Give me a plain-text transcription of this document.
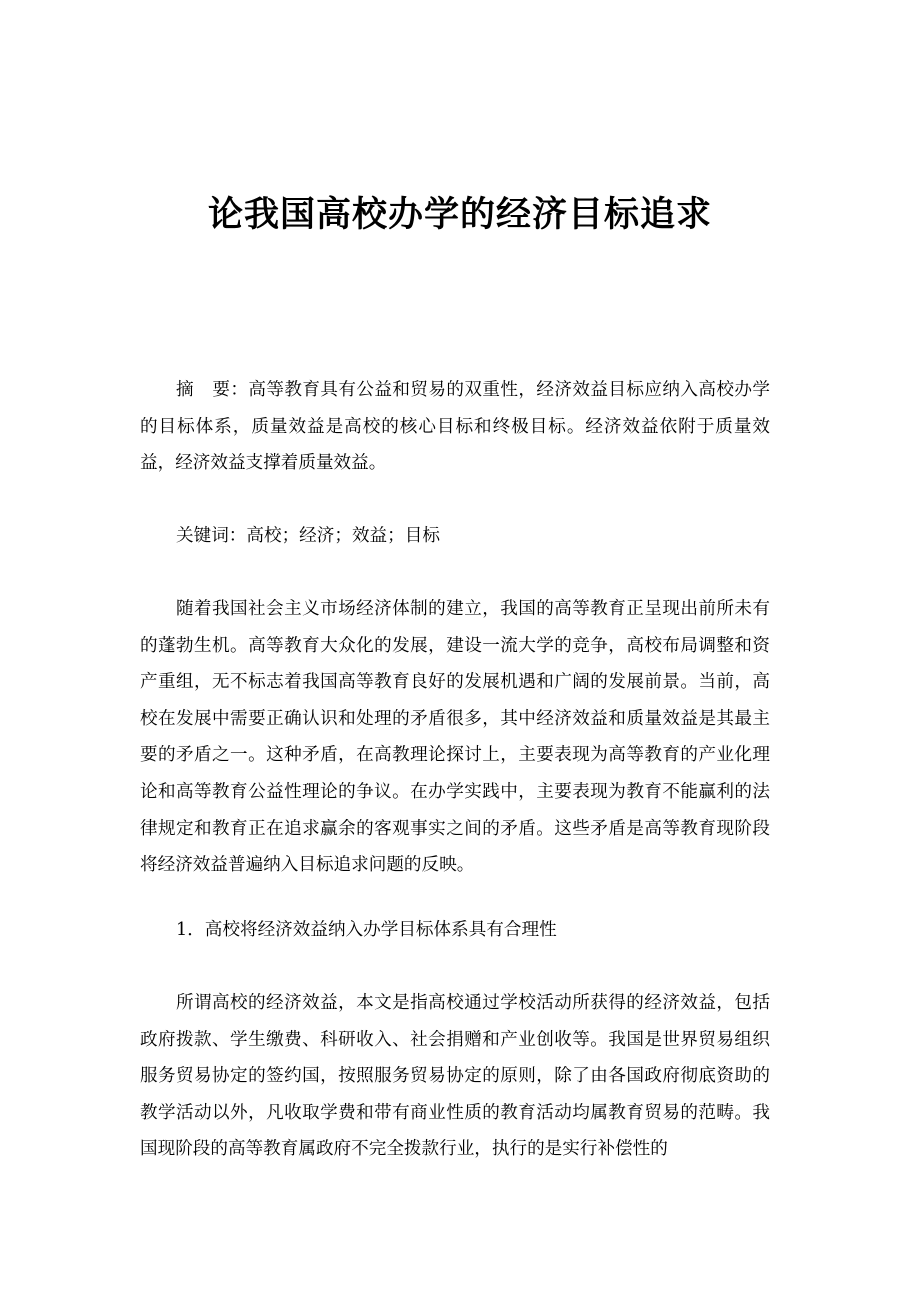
论我国高校办学的经济目标追求

摘 要：高等教育具有公益和贸易的双重性，经济效益目标应纳入高校办学的目标体系，质量效益是高校的核心目标和终极目标。经济效益依附于质量效益，经济效益支撑着质量效益。

关键词：高校；经济；效益；目标

随着我国社会主义市场经济体制的建立，我国的高等教育正呈现出前所未有的蓬勃生机。高等教育大众化的发展，建设一流大学的竞争，高校布局调整和资产重组，无不标志着我国高等教育良好的发展机遇和广阔的发展前景。当前，高校在发展中需要正确认识和处理的矛盾很多，其中经济效益和质量效益是其最主要的矛盾之一。这种矛盾，在高教理论探讨上，主要表现为高等教育的产业化理论和高等教育公益性理论的争议。在办学实践中，主要表现为教育不能赢利的法律规定和教育正在追求赢余的客观事实之间的矛盾。这些矛盾是高等教育现阶段将经济效益普遍纳入目标追求问题的反映。

1．高校将经济效益纳入办学目标体系具有合理性

所谓高校的经济效益，本文是指高校通过学校活动所获得的经济效益，包括政府拨款、学生缴费、科研收入、社会捐赠和产业创收等。我国是世界贸易组织服务贸易协定的签约国，按照服务贸易协定的原则，除了由各国政府彻底资助的教学活动以外，凡收取学费和带有商业性质的教育活动均属教育贸易的范畴。我国现阶段的高等教育属政府不完全拨款行业，执行的是实行补偿性的
